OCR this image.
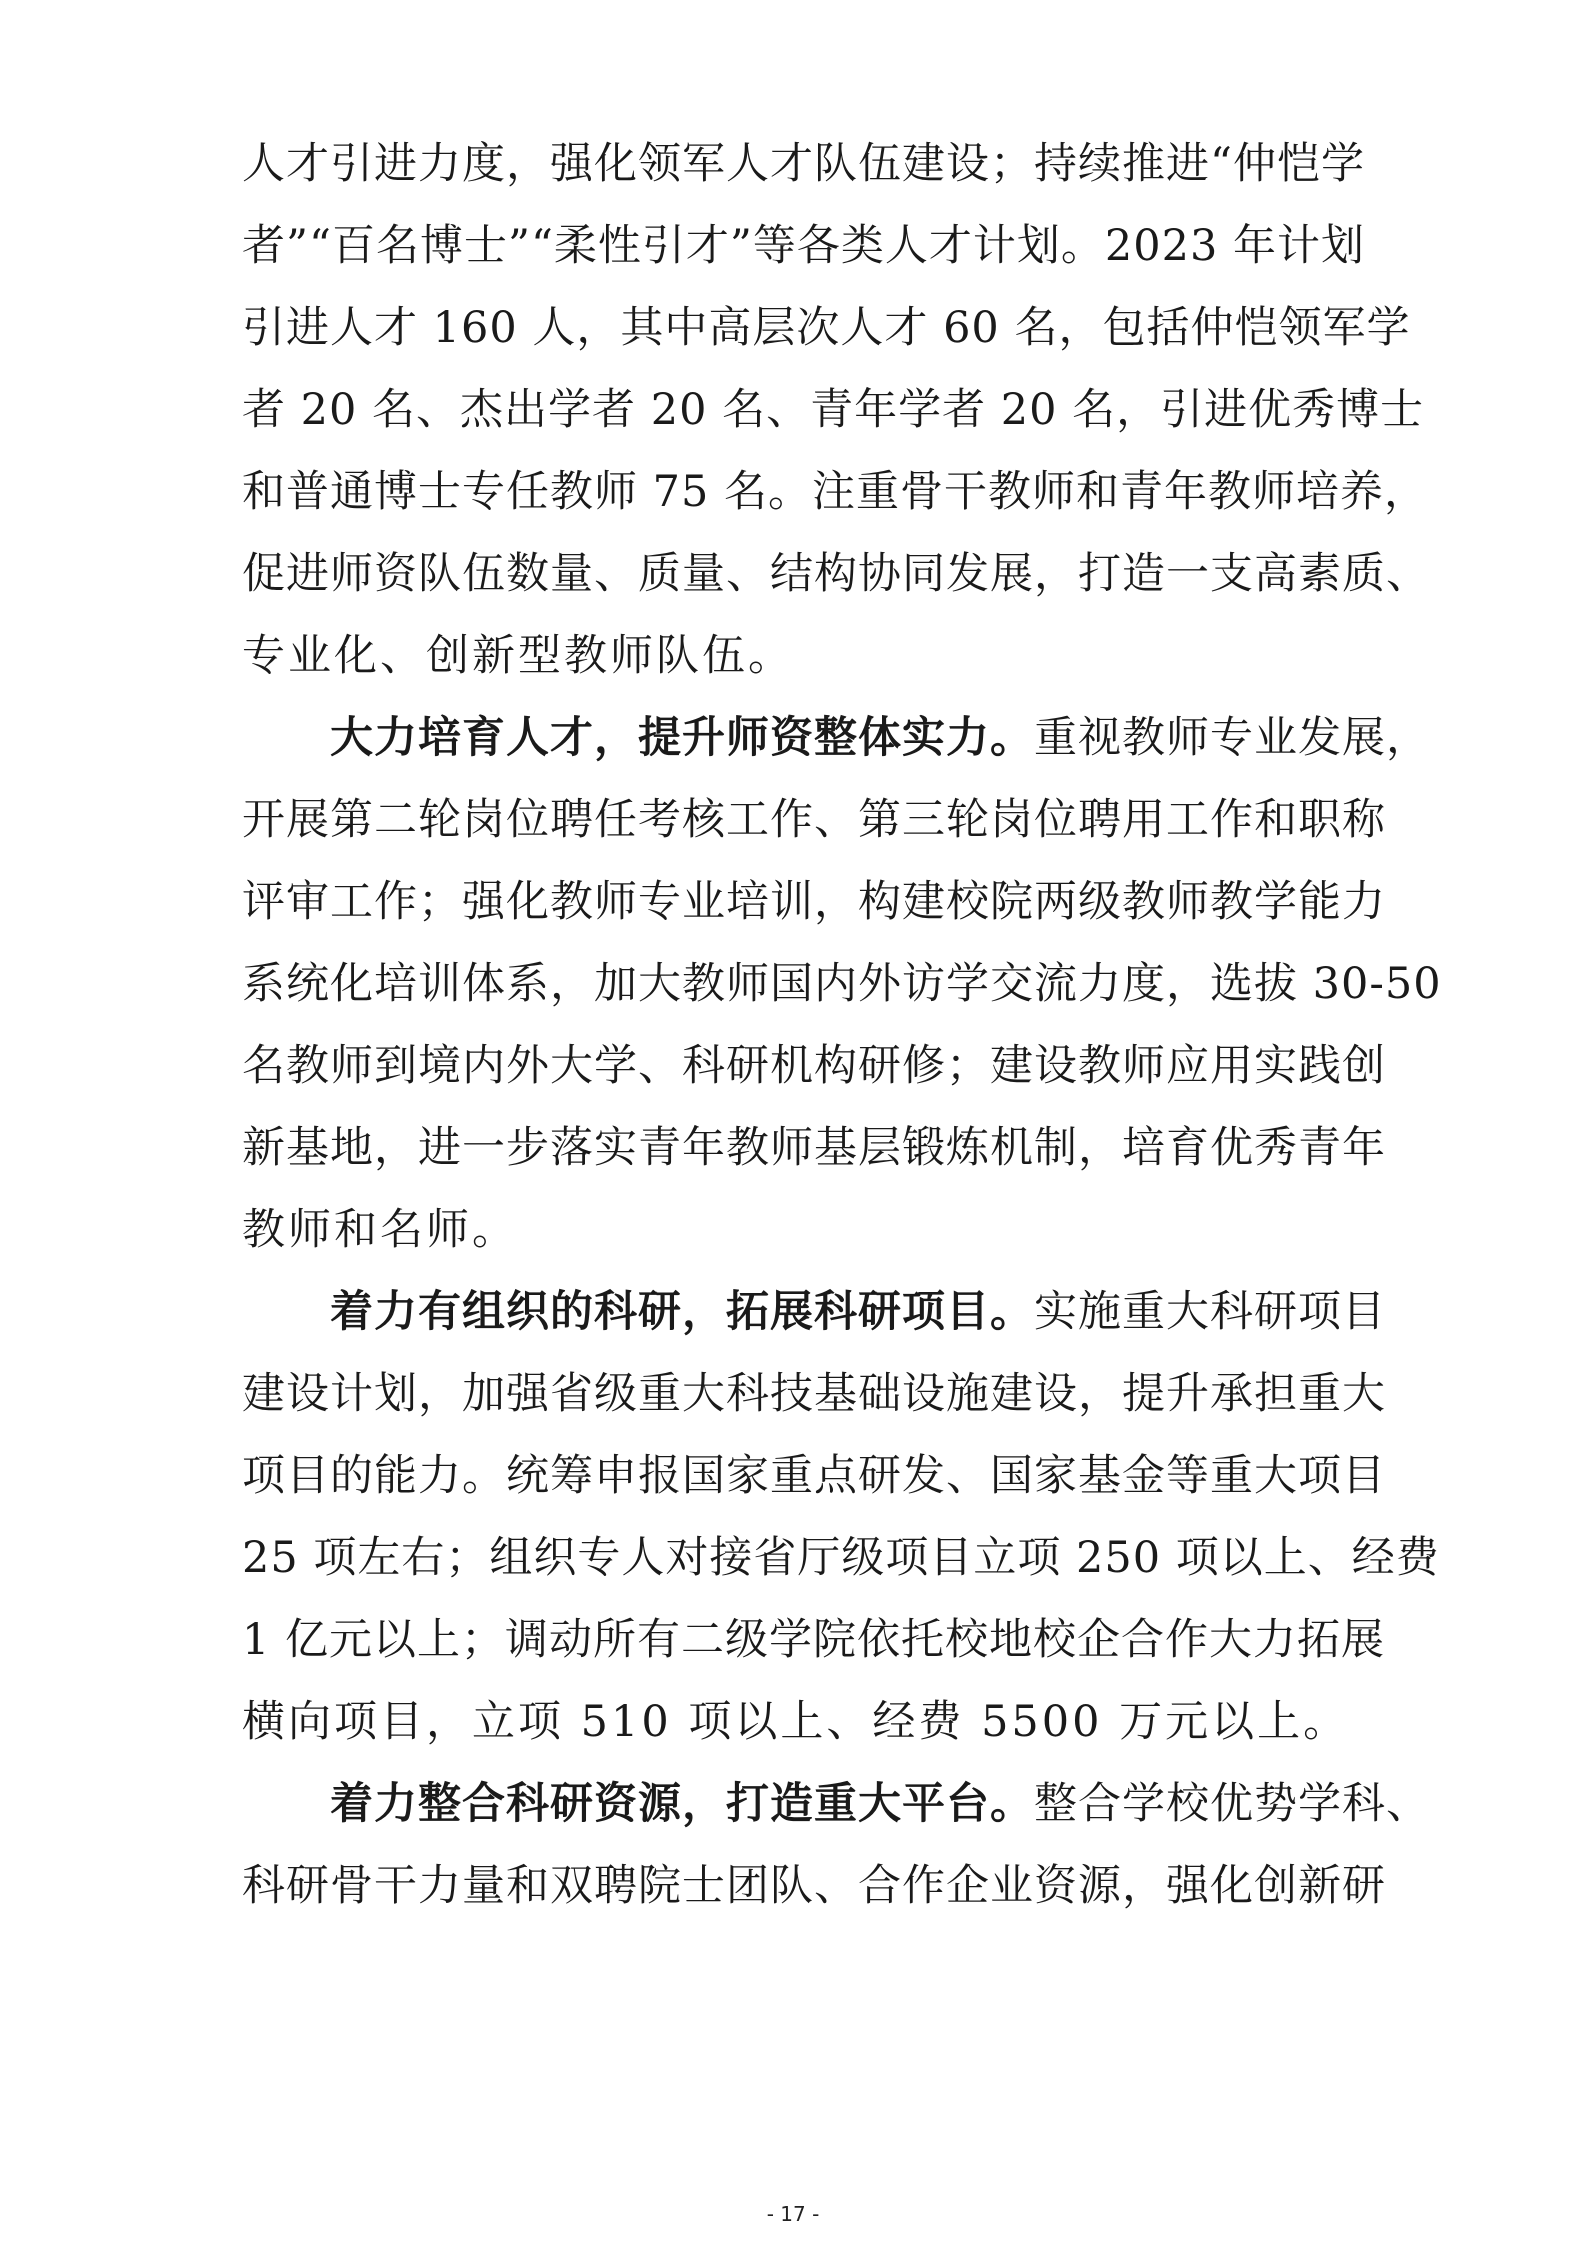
人才引进力度，强化领军人才队伍建设；持续推进“仲恺学
者”“百名博士”“柔性引才”等各类人才计划。2023 年计划
引进人才 160 人，其中高层次人才 60 名，包括仲恺领军学
者 20 名、杰出学者 20 名、青年学者 20 名，引进优秀博士
和普通博士专任教师 75 名。注重骨干教师和青年教师培养，
促进师资队伍数量、质量、结构协同发展，打造一支高素质、
专业化、创新型教师队伍。
大力培育人才，提升师资整体实力。重视教师专业发展，
开展第二轮岗位聘任考核工作、第三轮岗位聘用工作和职称
评审工作；强化教师专业培训，构建校院两级教师教学能力
系统化培训体系，加大教师国内外访学交流力度，选拔 30-50
名教师到境内外大学、科研机构研修；建设教师应用实践创
新基地，进一步落实青年教师基层锻炼机制，培育优秀青年
教师和名师。
着力有组织的科研，拓展科研项目。实施重大科研项目
建设计划，加强省级重大科技基础设施建设，提升承担重大
项目的能力。统筹申报国家重点研发、国家基金等重大项目
25 项左右；组织专人对接省厅级项目立项 250 项以上、经费
1 亿元以上；调动所有二级学院依托校地校企合作大力拓展
横向项目，立项 510 项以上、经费 5500 万元以上。
着力整合科研资源，打造重大平台。整合学校优势学科、
科研骨干力量和双聘院士团队、合作企业资源，强化创新研
- 17 -
